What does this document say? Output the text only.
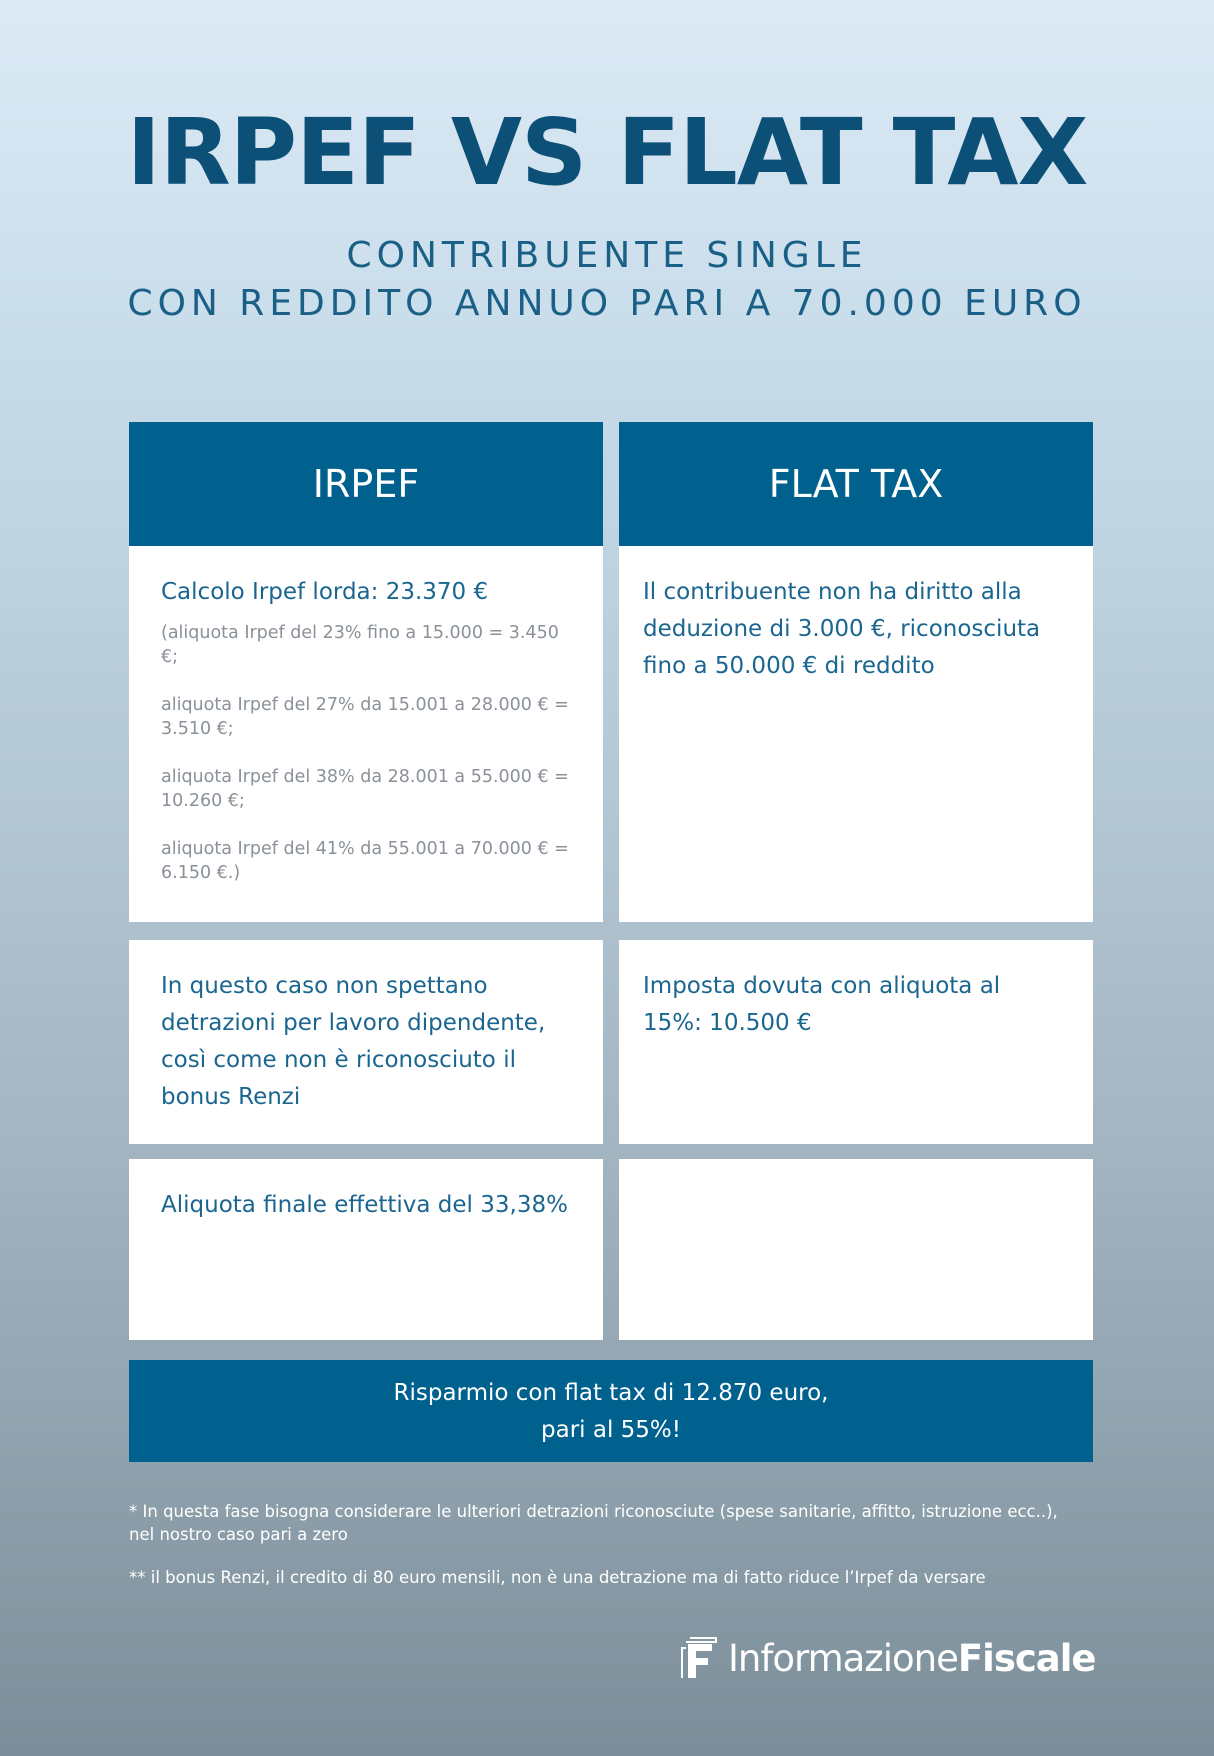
IRPEF VS FLAT TAX
CONTRIBUENTE SINGLE
CON REDDITO ANNUO PARI A 70.000 EURO
IRPEF	FLAT TAX
Calcolo Irpef lorda: 23.370 €
(aliquota Irpef del 23% fino a 15.000 = 3.450 €;
aliquota Irpef del 27% da 15.001 a 28.000 € = 3.510 €;
aliquota Irpef del 38% da 28.001 a 55.000 € = 10.260 €;
aliquota Irpef del 41% da 55.001 a 70.000 € = 6.150 €.)
Il contribuente non ha diritto alla deduzione di 3.000 €, riconosciuta fino a 50.000 € di reddito
In questo caso non spettano detrazioni per lavoro dipendente, così come non è riconosciuto il bonus Renzi
Imposta dovuta con aliquota al 15%: 10.500 €
Aliquota finale effettiva del 33,38%
Risparmio con flat tax di 12.870 euro,
pari al 55%!
* In questa fase bisogna considerare le ulteriori detrazioni riconosciute (spese sanitarie, affitto, istruzione ecc..), nel nostro caso pari a zero
** il bonus Renzi, il credito di 80 euro mensili, non è una detrazione ma di fatto riduce l’Irpef da versare
InformazioneFiscale
